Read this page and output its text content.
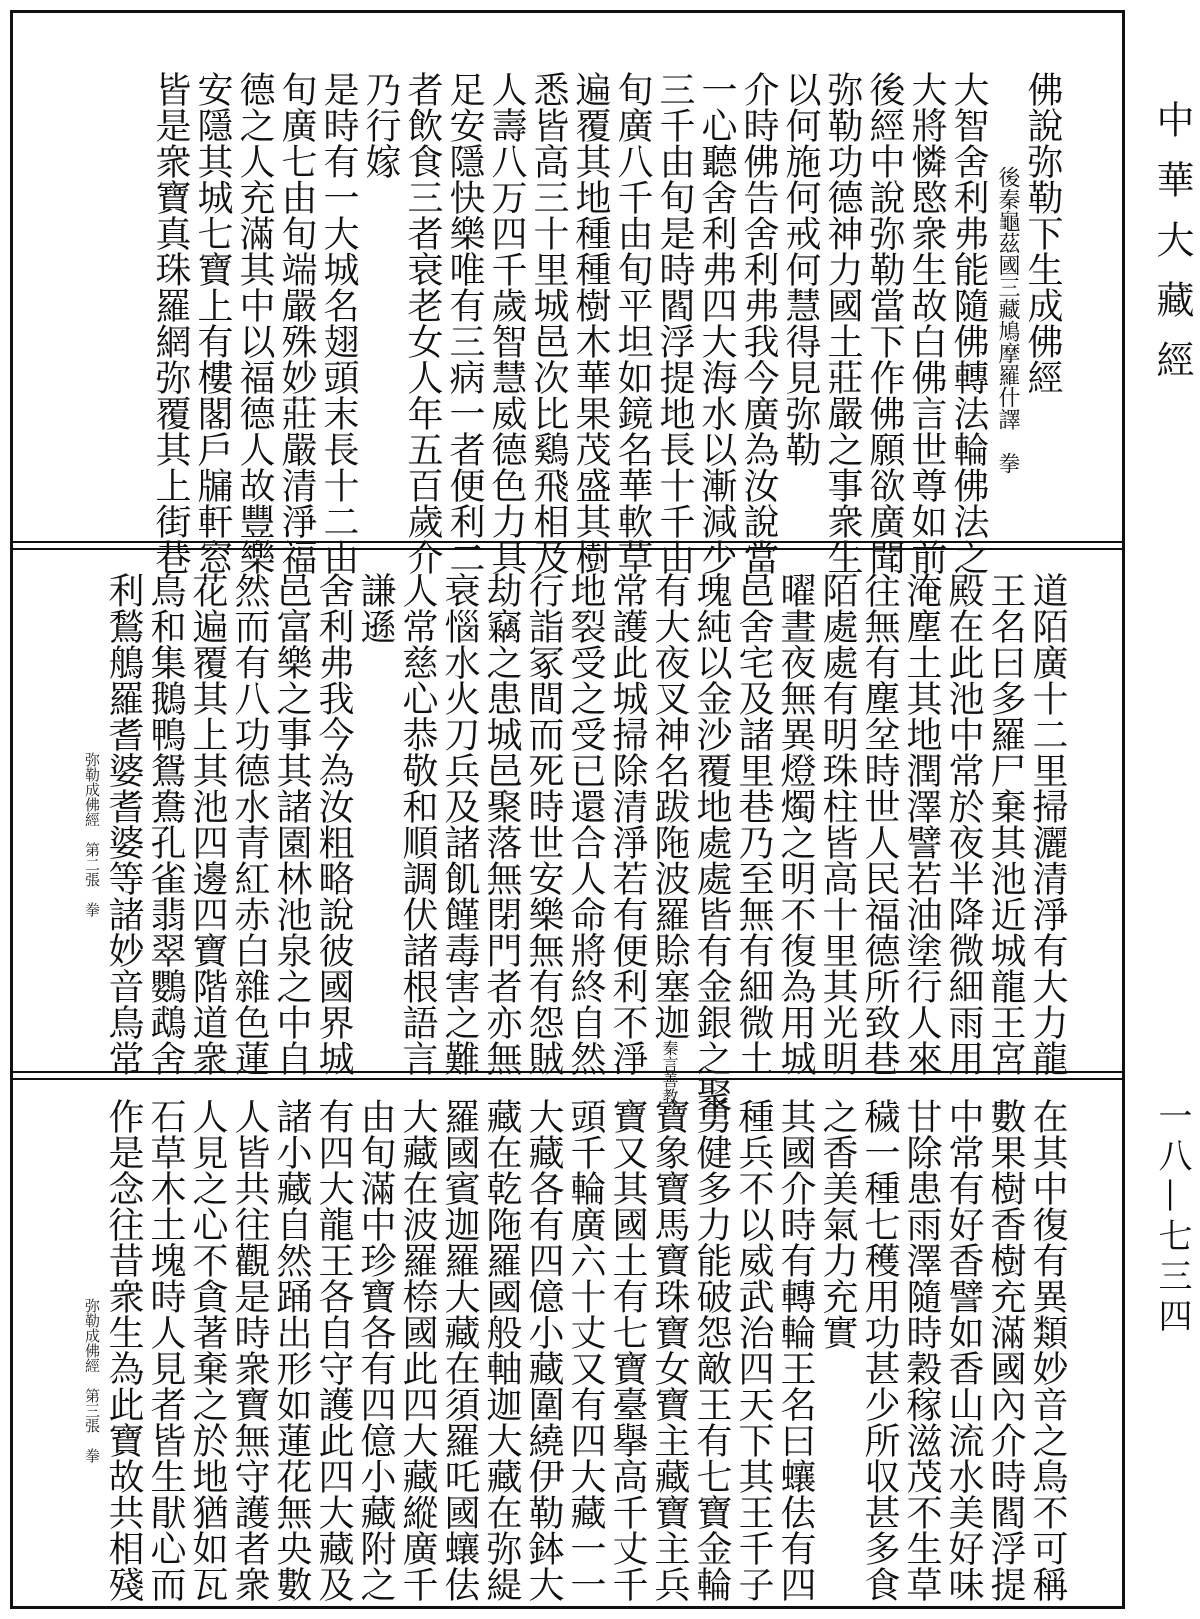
佛說弥勒下生成佛經
後秦龜茲國三藏鳩摩羅什譯　拳
大智舍利弗能隨佛轉法輪佛法之
大將憐愍衆生故白佛言世尊如前
後經中說弥勒當下作佛願欲廣聞
弥勒功德神力國土莊嚴之事衆生
以何施何戒何慧得見弥勒
介時佛告舍利弗我今廣為汝說當
一心聽舍利弗四大海水以漸減少
三千由旬是時閻浮提地長十千由
旬廣八千由旬平坦如鏡名華軟草
遍覆其地種種樹木華果茂盛其樹
悉皆高三十里城邑次比鷄飛相及
人壽八万四千歲智慧威德色力具
足安隱快樂唯有三病一者便利二
者飲食三者衰老女人年五百歲介
乃行嫁
是時有一大城名翅頭末長十二由
旬廣七由旬端嚴殊妙莊嚴清淨福
德之人充滿其中以福德人故豐樂
安隱其城七寶上有樓閣戶牖軒窓
皆是衆寶真珠羅網弥覆其上街巷
道陌廣十二里掃灑清淨有大力龍
王名曰多羅尸棄其池近城龍王宮
殿在此池中常於夜半降微細雨用
淹塵土其地潤澤譬若油塗行人來
往無有塵坌時世人民福德所致巷
陌處處有明珠柱皆高十里其光明
曜晝夜無異燈燭之明不復為用城
邑舍宅及諸里巷乃至無有細微土
塊純以金沙覆地處處皆有金銀之聚
有大夜叉神名跋陁波羅賒塞迦秦言善教
常護此城掃除清淨若有便利不淨
地裂受之受已還合人命將終自然
行詣冢間而死時世安樂無有怨賊
劫竊之患城邑聚落無閉門者亦無
衰惱水火刀兵及諸飢饉毒害之難
人常慈心恭敬和順調伏諸根語言
謙遜
舍利弗我今為汝粗略說彼國界城
邑富樂之事其諸園林池泉之中自
然而有八功德水青紅赤白雜色蓮
花遍覆其上其池四邊四寶階道衆
鳥和集鵝鴨鴛鴦孔雀翡翠鸚鵡舍
利鶖鵃羅耆婆耆婆等諸妙音鳥常
弥勒成佛經　第二張　拳
在其中復有異類妙音之鳥不可稱
數果樹香樹充滿國內介時閻浮提
中常有好香譬如香山流水美好味
甘除患雨澤隨時穀稼滋茂不生草
穢一種七穫用功甚少所収甚多食
之香美氣力充實
其國介時有轉輪王名曰蠰佉有四
種兵不以威武治四天下其王千子
勇健多力能破怨敵王有七寶金輪
寶象寶馬寶珠寶女寶主藏寶主兵
寶又其國土有七寶臺擧高千丈千
頭千輪廣六十丈又有四大藏一一
大藏各有四億小藏圍繞伊勒鉢大
藏在乾陁羅國般軸迦大藏在弥緹
羅國賓迦羅大藏在須羅吒國蠰佉
大藏在波羅㮈國此四大藏縱廣千
由旬滿中珍寶各有四億小藏附之
有四大龍王各自守護此四大藏及
諸小藏自然踊出形如蓮花無央數
人皆共往觀是時衆寶無守護者衆
人見之心不貪著棄之於地猶如瓦
石草木土塊時人見者皆生猒心而
作是念往昔衆生為此寶故共相殘
弥勒成佛經　第三張　拳
中華大藏經
一八—七三四
